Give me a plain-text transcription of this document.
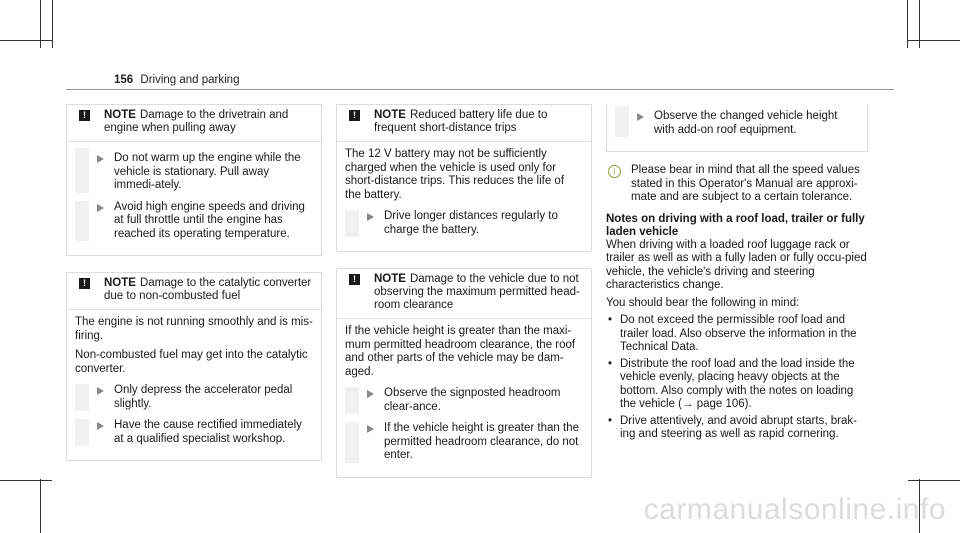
156 Driving and parking
!	NOTE Damage to the drivetrain and engine when pulling away
Do not warm up the engine while the vehicle is stationary. Pull away immedi-ately.
Avoid high engine speeds and driving at full throttle until the engine has reached its operating temperature.
!	NOTE Damage to the catalytic converter due to non-combusted fuel

The engine is not running smoothly and is mis-firing.

Non-combusted fuel may get into the catalytic converter.

Only depress the accelerator pedal slightly.
Have the cause rectified immediately at a qualified specialist workshop.
!	NOTE Reduced battery life due to frequent short-distance trips

The 12 V battery may not be sufficiently charged when the vehicle is used only for short-distance trips. This reduces the life of the battery.

Drive longer distances regularly to charge the battery.
!	NOTE Damage to the vehicle due to not observing the maximum permitted head-room clearance

If the vehicle height is greater than the maxi-mum permitted headroom clearance, the roof and other parts of the vehicle may be dam-aged.

Observe the signposted headroom clear-ance.
If the vehicle height is greater than the permitted headroom clearance, do not enter.
Observe the changed vehicle height with add-on roof equipment.
i	Please bear in mind that all the speed values stated in this Operator's Manual are approxi-mate and are subject to a certain tolerance.
Notes on driving with a roof load, trailer or fully laden vehicle

When driving with a loaded roof luggage rack or trailer as well as with a fully laden or fully occu-pied vehicle, the vehicle's driving and steering characteristics change.

You should bear the following in mind:

• Do not exceed the permissible roof load and trailer load. Also observe the information in the Technical Data.
• Distribute the roof load and the load inside the vehicle evenly, placing heavy objects at the bottom. Also comply with the notes on loading the vehicle (→ page 106).
• Drive attentively, and avoid abrupt starts, brak-ing and steering as well as rapid cornering.
carmanualsonline.info
